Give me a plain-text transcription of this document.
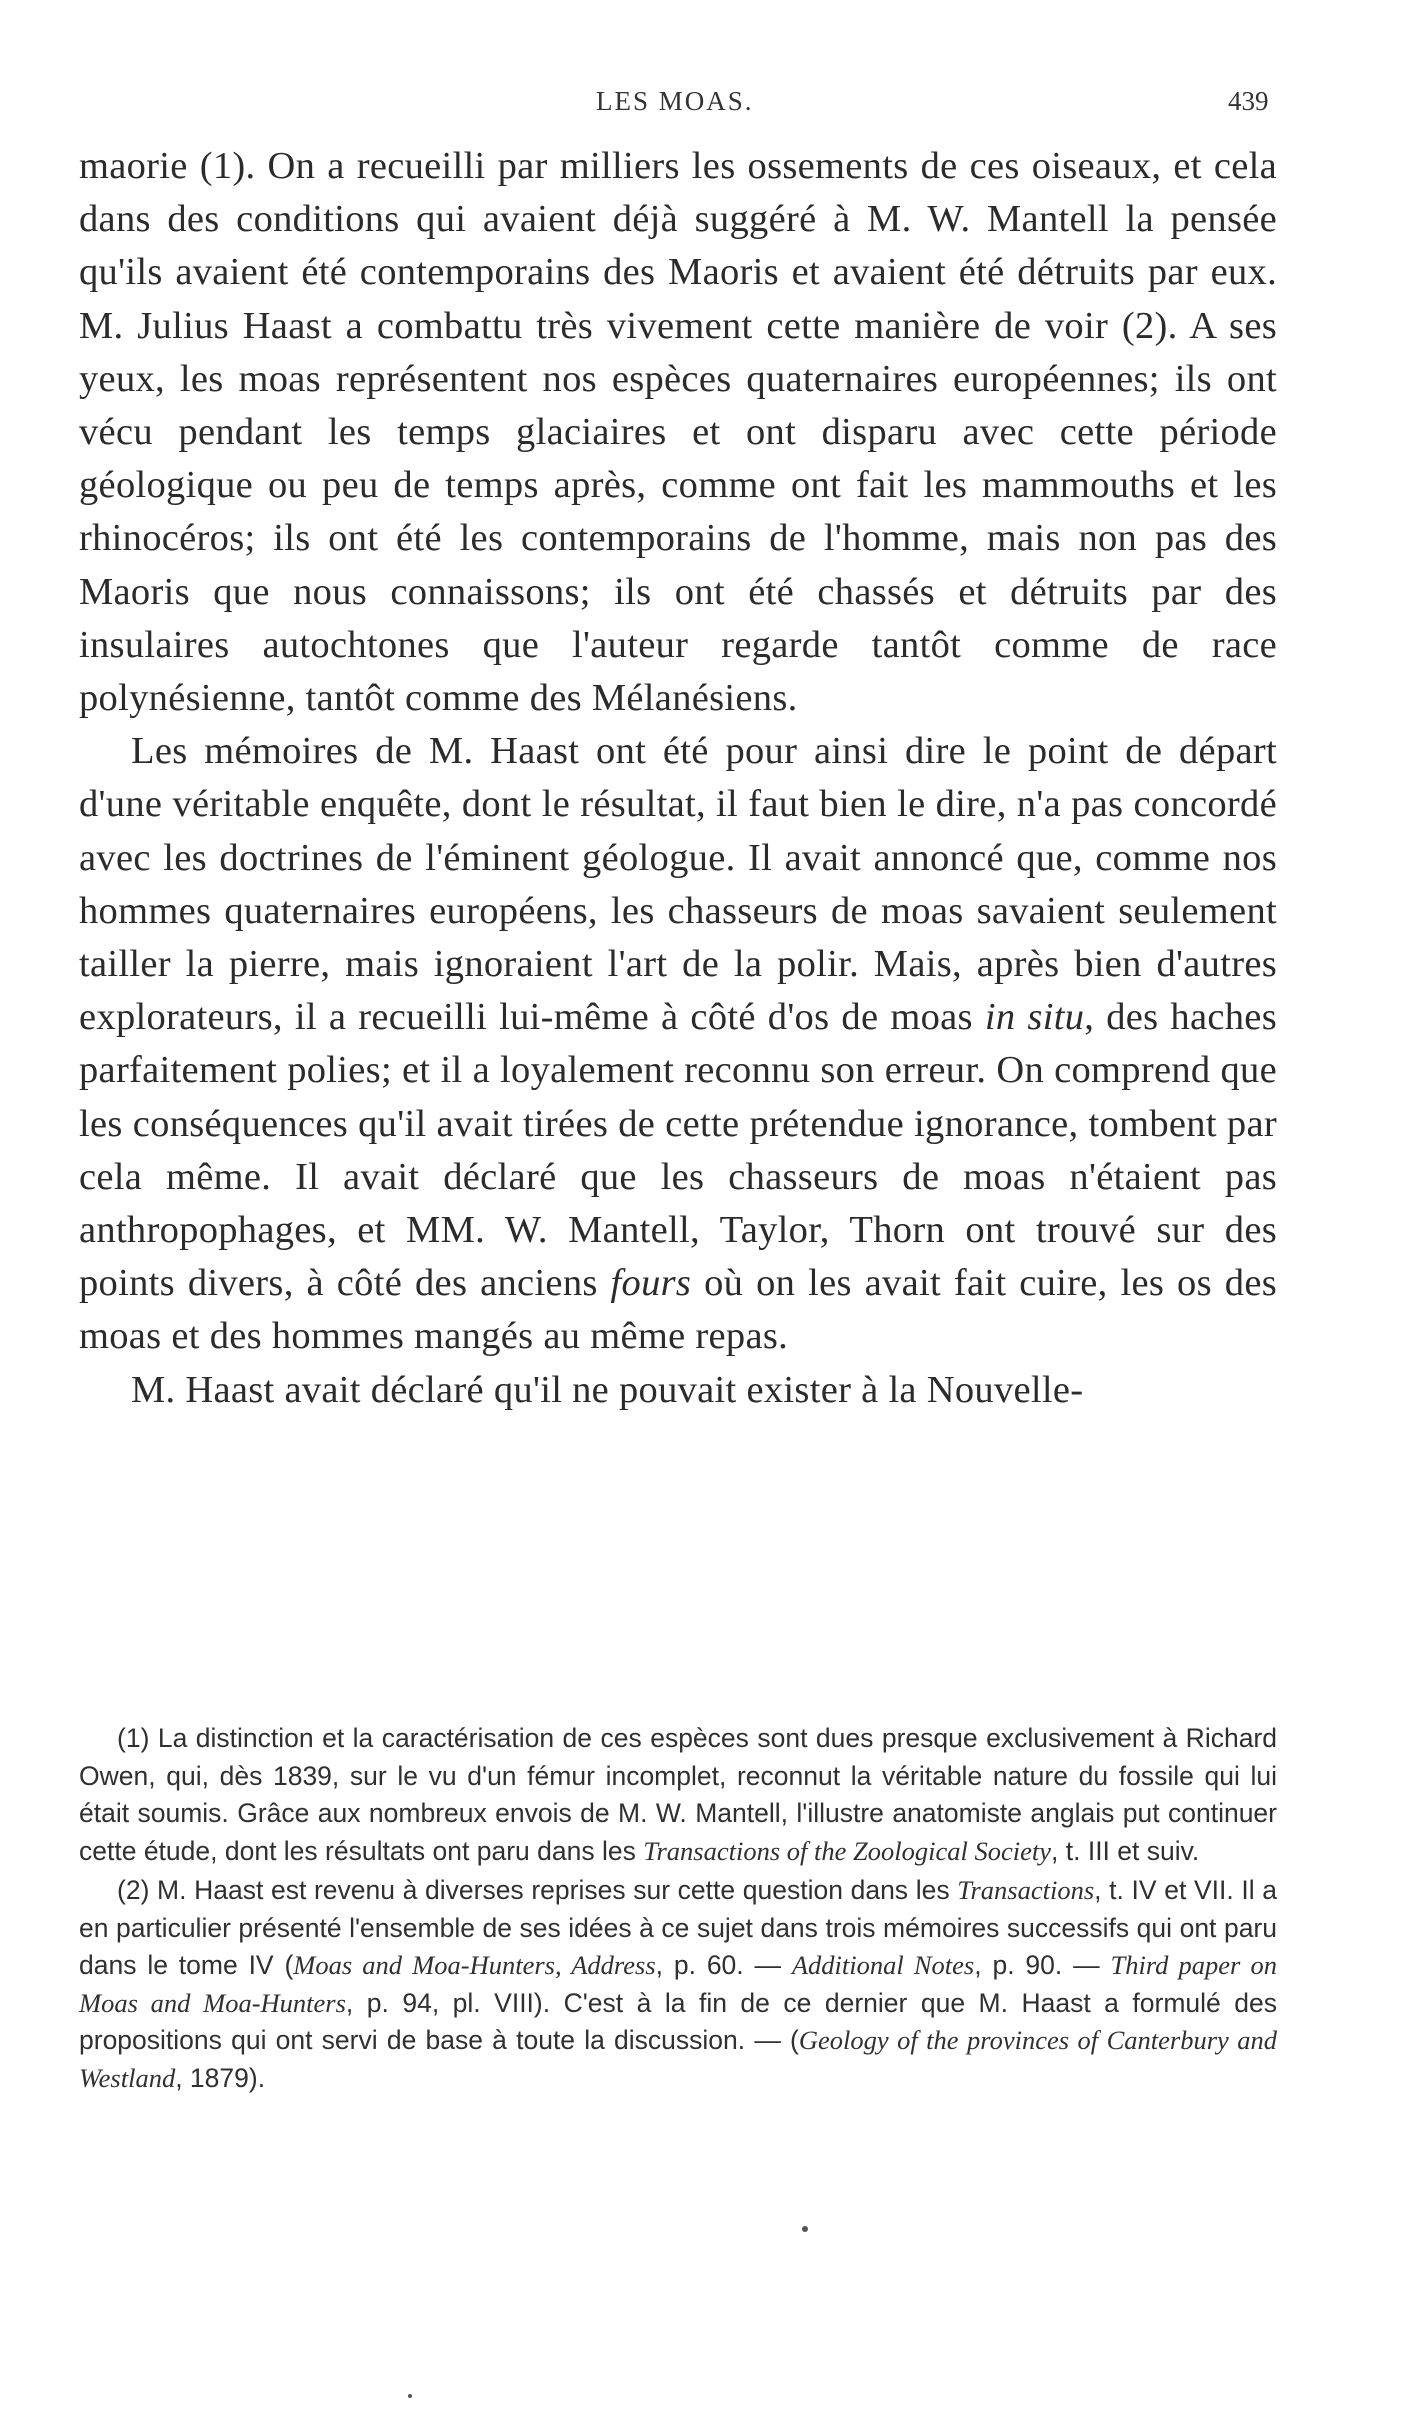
LES MOAS.	439

maorie (1). On a recueilli par milliers les ossements de ces oiseaux, et cela dans des conditions qui avaient déjà suggéré à M. W. Mantell la pensée qu'ils avaient été contemporains des Maoris et avaient été détruits par eux. M. Julius Haast a combattu très vivement cette manière de voir (2). A ses yeux, les moas représentent nos espèces quaternaires européennes; ils ont vécu pendant les temps glaciaires et ont disparu avec cette période géologique ou peu de temps après, comme ont fait les mammouths et les rhinocéros; ils ont été les contemporains de l'homme, mais non pas des Maoris que nous connaissons; ils ont été chassés et détruits par des insulaires autochtones que l'auteur regarde tantôt comme de race polynésienne, tantôt comme des Mélanésiens.

Les mémoires de M. Haast ont été pour ainsi dire le point de départ d'une véritable enquête, dont le résultat, il faut bien le dire, n'a pas concordé avec les doctrines de l'éminent géologue. Il avait annoncé que, comme nos hommes quaternaires européens, les chasseurs de moas savaient seulement tailler la pierre, mais ignoraient l'art de la polir. Mais, après bien d'autres explorateurs, il a recueilli lui-même à côté d'os de moas in situ, des haches parfaitement polies; et il a loyalement reconnu son erreur. On comprend que les conséquences qu'il avait tirées de cette prétendue ignorance, tombent par cela même. Il avait déclaré que les chasseurs de moas n'étaient pas anthropophages, et MM. W. Mantell, Taylor, Thorn ont trouvé sur des points divers, à côté des anciens fours où on les avait fait cuire, les os des moas et des hommes mangés au même repas.

M. Haast avait déclaré qu'il ne pouvait exister à la Nouvelle-

(1) La distinction et la caractérisation de ces espèces sont dues presque exclusivement à Richard Owen, qui, dès 1839, sur le vu d'un fémur incomplet, reconnut la véritable nature du fossile qui lui était soumis. Grâce aux nombreux envois de M. W. Mantell, l'illustre anatomiste anglais put continuer cette étude, dont les résultats ont paru dans les Transactions of the Zoological Society, t. III et suiv.

(2) M. Haast est revenu à diverses reprises sur cette question dans les Transactions, t. IV et VII. Il a en particulier présenté l'ensemble de ses idées à ce sujet dans trois mémoires successifs qui ont paru dans le tome IV (Moas and Moa-Hunters, Address, p. 60. — Additional Notes, p. 90. — Third paper on Moas and Moa-Hunters, p. 94, pl. VIII). C'est à la fin de ce dernier que M. Haast a formulé des propositions qui ont servi de base à toute la discussion. — (Geology of the provinces of Canterbury and Westland, 1879).
